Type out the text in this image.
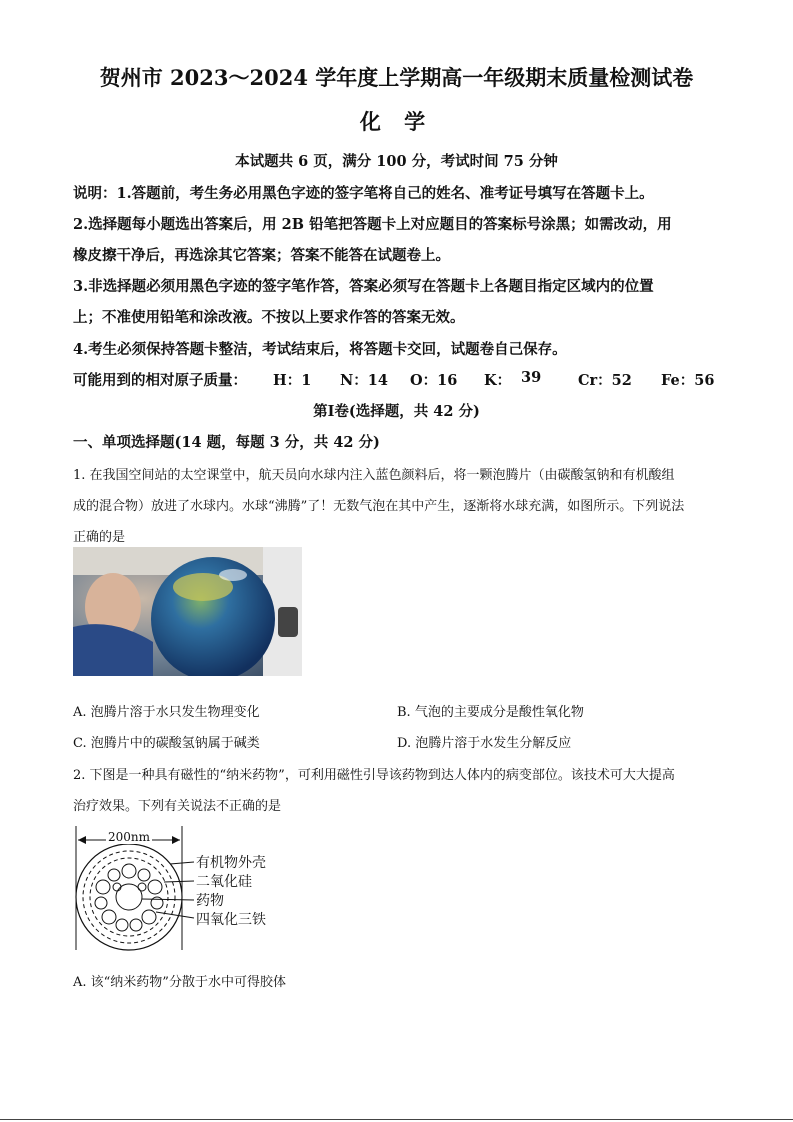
贺州市 2023～2024 学年度上学期高一年级期末质量检测试卷
化 学
本试题共 6 页，满分 100 分，考试时间 75 分钟
说明：1.答题前，考生务必用黑色字迹的签字笔将自己的姓名、准考证号填写在答题卡上。
2.选择题每小题选出答案后，用 2B 铅笔把答题卡上对应题目的答案标号涂黑；如需改动，用
橡皮擦干净后，再选涂其它答案；答案不能答在试题卷上。
3.非选择题必须用黑色字迹的签字笔作答，答案必须写在答题卡上各题目指定区域内的位置
上；不准使用铅笔和涂改液。不按以上要求作答的答案无效。
4.考生必须保持答题卡整洁，考试结束后，将答题卡交回，试题卷自己保存。
可能用到的相对原子质量： H：1 N：14 O：16 K： 39	Cr：52 Fe：56
第Ⅰ卷(选择题，共 42 分)
一、单项选择题(14 题，每题 3 分，共 42 分)
1. 在我国空间站的太空课堂中，航天员向水球内注入蓝色颜料后，将一颗泡腾片（由碳酸氢钠和有机酸组
成的混合物）放进了水球内。水球“沸腾”了！无数气泡在其中产生，逐渐将水球充满，如图所示。下列说法
正确的是
A. 泡腾片溶于水只发生物理变化	B. 气泡的主要成分是酸性氧化物
C. 泡腾片中的碳酸氢钠属于碱类	D. 泡腾片溶于水发生分解反应
2. 下图是一种具有磁性的“纳米药物”，可利用磁性引导该药物到达人体内的病变部位。该技术可大大提高
治疗效果。下列有关说法不正确的是
200nm
有机物外壳
二氧化硅
药物
四氧化三铁
A. 该“纳米药物”分散于水中可得胶体
